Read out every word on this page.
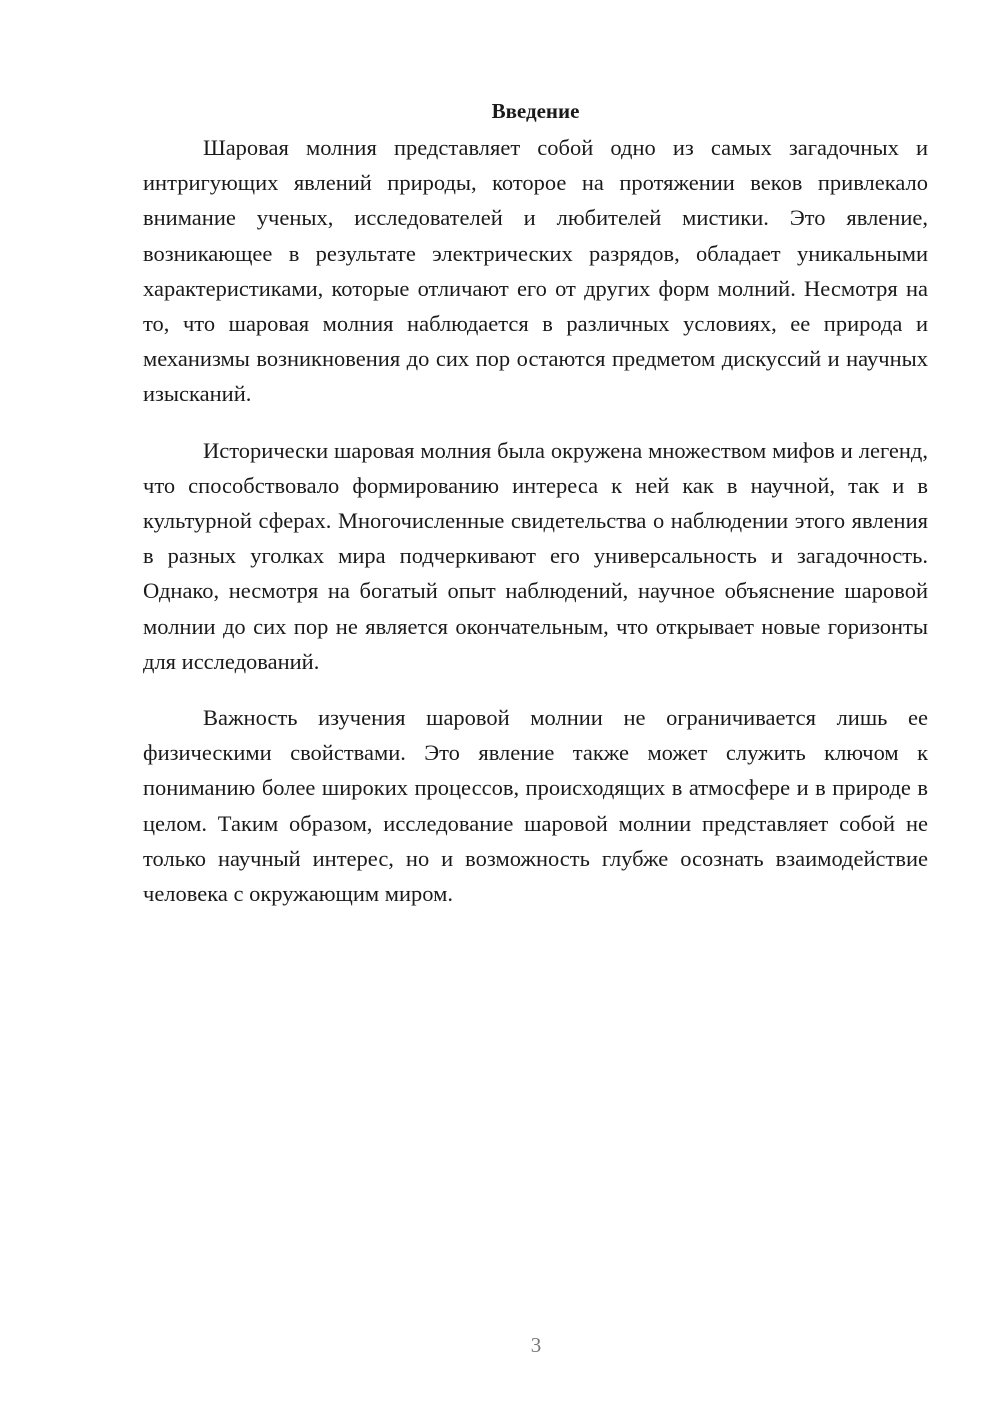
Введение

Шаровая молния представляет собой одно из самых загадочных и интригующих явлений природы, которое на протяжении веков привлекало внимание ученых, исследователей и любителей мистики. Это явление, возникающее в результате электрических разрядов, обладает уникальными характеристиками, которые отличают его от других форм молний. Несмотря на то, что шаровая молния наблюдается в различных условиях, ее природа и механизмы возникновения до сих пор остаются предметом дискуссий и научных изысканий.

Исторически шаровая молния была окружена множеством мифов и легенд, что способствовало формированию интереса к ней как в научной, так и в культурной сферах. Многочисленные свидетельства о наблюдении этого явления в разных уголках мира подчеркивают его универсальность и загадочность. Однако, несмотря на богатый опыт наблюдений, научное объяснение шаровой молнии до сих пор не является окончательным, что открывает новые горизонты для исследований.

Важность изучения шаровой молнии не ограничивается лишь ее физическими свойствами. Это явление также может служить ключом к пониманию более широких процессов, происходящих в атмосфере и в природе в целом. Таким образом, исследование шаровой молнии представляет собой не только научный интерес, но и возможность глубже осознать взаимодействие человека с окружающим миром.

3
